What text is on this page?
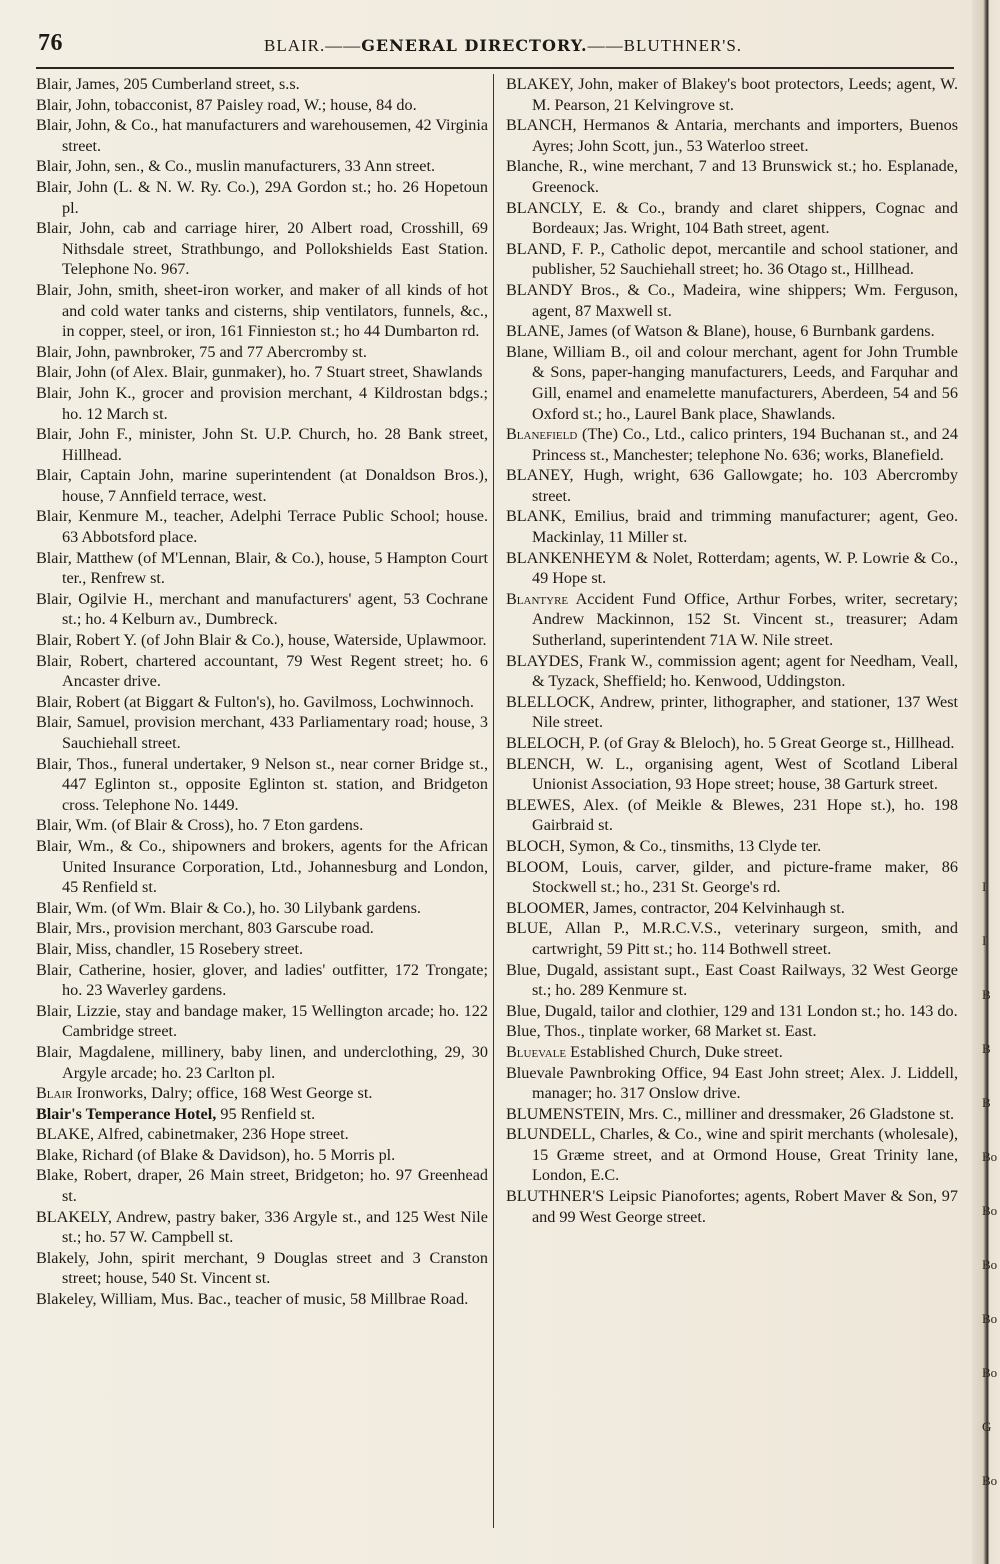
76	BLAIR.——GENERAL DIRECTORY.——BLUTHNER'S.

Blair, James, 205 Cumberland street, s.s.

Blair, John, tobacconist, 87 Paisley road, W.; house, 84 do.

Blair, John, & Co., hat manufacturers and warehousemen, 42 Virginia street.

Blair, John, sen., & Co., muslin manufacturers, 33 Ann street.

Blair, John (L. & N. W. Ry. Co.), 29A Gordon st.; ho. 26 Hopetoun pl.

Blair, John, cab and carriage hirer, 20 Albert road, Crosshill, 69 Nithsdale street, Strathbungo, and Pollokshields East Station. Telephone No. 967.

Blair, John, smith, sheet-iron worker, and maker of all kinds of hot and cold water tanks and cisterns, ship ventilators, funnels, &c., in copper, steel, or iron, 161 Finnieston st.; ho 44 Dumbarton rd.

Blair, John, pawnbroker, 75 and 77 Abercromby st.

Blair, John (of Alex. Blair, gunmaker), ho. 7 Stuart street, Shawlands

Blair, John K., grocer and provision merchant, 4 Kildrostan bdgs.; ho. 12 March st.

Blair, John F., minister, John St. U.P. Church, ho. 28 Bank street, Hillhead.

Blair, Captain John, marine superintendent (at Donaldson Bros.), house, 7 Annfield terrace, west.

Blair, Kenmure M., teacher, Adelphi Terrace Public School; house. 63 Abbotsford place.

Blair, Matthew (of M'Lennan, Blair, & Co.), house, 5 Hampton Court ter., Renfrew st.

Blair, Ogilvie H., merchant and manufacturers' agent, 53 Cochrane st.; ho. 4 Kelburn av., Dumbreck.

Blair, Robert Y. (of John Blair & Co.), house, Waterside, Uplawmoor.

Blair, Robert, chartered accountant, 79 West Regent street; ho. 6 Ancaster drive.

Blair, Robert (at Biggart & Fulton's), ho. Gavilmoss, Lochwinnoch.

Blair, Samuel, provision merchant, 433 Parliamentary road; house, 3 Sauchiehall street.

Blair, Thos., funeral undertaker, 9 Nelson st., near corner Bridge st., 447 Eglinton st., opposite Eglinton st. station, and Bridgeton cross. Telephone No. 1449.

Blair, Wm. (of Blair & Cross), ho. 7 Eton gardens.

Blair, Wm., & Co., shipowners and brokers, agents for the African United Insurance Corporation, Ltd., Johannesburg and London, 45 Renfield st.

Blair, Wm. (of Wm. Blair & Co.), ho. 30 Lilybank gardens.

Blair, Mrs., provision merchant, 803 Garscube road.

Blair, Miss, chandler, 15 Rosebery street.

Blair, Catherine, hosier, glover, and ladies' outfitter, 172 Trongate; ho. 23 Waverley gardens.

Blair, Lizzie, stay and bandage maker, 15 Wellington arcade; ho. 122 Cambridge street.

Blair, Magdalene, millinery, baby linen, and underclothing, 29, 30 Argyle arcade; ho. 23 Carlton pl.

Blair Ironworks, Dalry; office, 168 West George st.

Blair's Temperance Hotel, 95 Renfield st.

BLAKE, Alfred, cabinetmaker, 236 Hope street.

Blake, Richard (of Blake & Davidson), ho. 5 Morris pl.

Blake, Robert, draper, 26 Main street, Bridgeton; ho. 97 Greenhead st.

BLAKELY, Andrew, pastry baker, 336 Argyle st., and 125 West Nile st.; ho. 57 W. Campbell st.

Blakely, John, spirit merchant, 9 Douglas street and 3 Cranston street; house, 540 St. Vincent st.

Blakeley, William, Mus. Bac., teacher of music, 58 Millbrae Road.

BLAKEY, John, maker of Blakey's boot protectors, Leeds; agent, W. M. Pearson, 21 Kelvingrove st.

BLANCH, Hermanos & Antaria, merchants and importers, Buenos Ayres; John Scott, jun., 53 Waterloo street.

Blanche, R., wine merchant, 7 and 13 Brunswick st.; ho. Esplanade, Greenock.

BLANCLY, E. & Co., brandy and claret shippers, Cognac and Bordeaux; Jas. Wright, 104 Bath street, agent.

BLAND, F. P., Catholic depot, mercantile and school stationer, and publisher, 52 Sauchiehall street; ho. 36 Otago st., Hillhead.

BLANDY Bros., & Co., Madeira, wine shippers; Wm. Ferguson, agent, 87 Maxwell st.

BLANE, James (of Watson & Blane), house, 6 Burnbank gardens.

Blane, William B., oil and colour merchant, agent for John Trumble & Sons, paper-hanging manufacturers, Leeds, and Farquhar and Gill, enamel and enamelette manufacturers, Aberdeen, 54 and 56 Oxford st.; ho., Laurel Bank place, Shawlands.

Blanefield (The) Co., Ltd., calico printers, 194 Buchanan st., and 24 Princess st., Manchester; telephone No. 636; works, Blanefield.

BLANEY, Hugh, wright, 636 Gallowgate; ho. 103 Abercromby street.

BLANK, Emilius, braid and trimming manufacturer; agent, Geo. Mackinlay, 11 Miller st.

BLANKENHEYM & Nolet, Rotterdam; agents, W. P. Lowrie & Co., 49 Hope st.

Blantyre Accident Fund Office, Arthur Forbes, writer, secretary; Andrew Mackinnon, 152 St. Vincent st., treasurer; Adam Sutherland, superintendent 71A W. Nile street.

BLAYDES, Frank W., commission agent; agent for Needham, Veall, & Tyzack, Sheffield; ho. Kenwood, Uddingston.

BLELLOCK, Andrew, printer, lithographer, and stationer, 137 West Nile street.

BLELOCH, P. (of Gray & Bleloch), ho. 5 Great George st., Hillhead.

BLENCH, W. L., organising agent, West of Scotland Liberal Unionist Association, 93 Hope street; house, 38 Garturk street.

BLEWES, Alex. (of Meikle & Blewes, 231 Hope st.), ho. 198 Gairbraid st.

BLOCH, Symon, & Co., tinsmiths, 13 Clyde ter.

BLOOM, Louis, carver, gilder, and picture-frame maker, 86 Stockwell st.; ho., 231 St. George's rd.

BLOOMER, James, contractor, 204 Kelvinhaugh st.

BLUE, Allan P., M.R.C.V.S., veterinary surgeon, smith, and cartwright, 59 Pitt st.; ho. 114 Bothwell street.

Blue, Dugald, assistant supt., East Coast Railways, 32 West George st.; ho. 289 Kenmure st.

Blue, Dugald, tailor and clothier, 129 and 131 London st.; ho. 143 do.

Blue, Thos., tinplate worker, 68 Market st. East.

Bluevale Established Church, Duke street.

Bluevale Pawnbroking Office, 94 East John street; Alex. J. Liddell, manager; ho. 317 Onslow drive.

BLUMENSTEIN, Mrs. C., milliner and dressmaker, 26 Gladstone st.

BLUNDELL, Charles, & Co., wine and spirit merchants (wholesale), 15 Græme street, and at Ormond House, Great Trinity lane, London, E.C.

BLUTHNER'S Leipsic Pianofortes; agents, Robert Maver & Son, 97 and 99 West George street.

I
I
B
B
B
Bo
Bo
Bo
Bo
Bo
G
Bo
